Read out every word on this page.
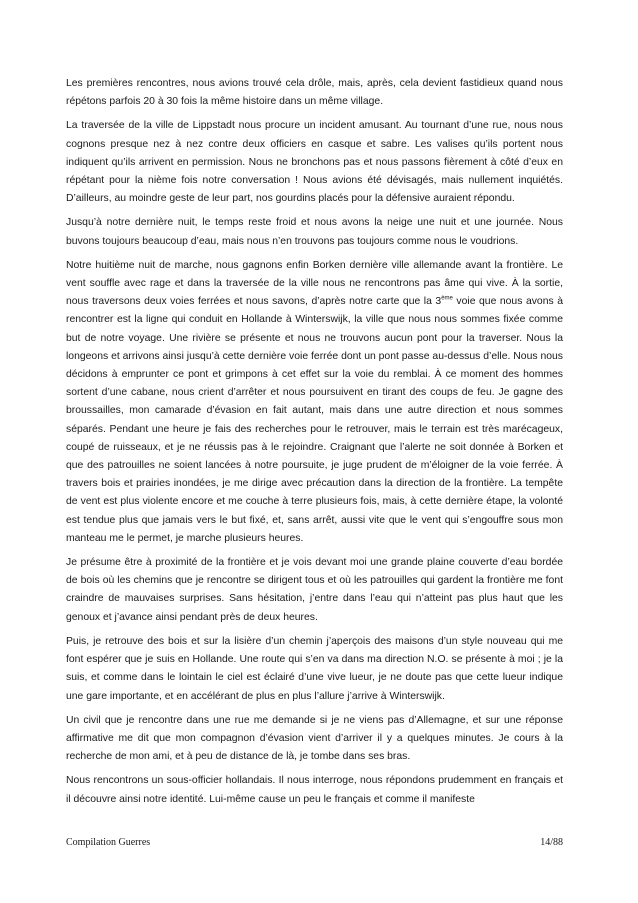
Les premières rencontres, nous avions trouvé cela drôle, mais, après, cela devient fastidieux quand nous répétons parfois 20 à 30 fois la même histoire dans un même village.

La traversée de la ville de Lippstadt nous procure un incident amusant. Au tournant d’une rue, nous nous cognons presque nez à nez contre deux officiers en casque et sabre. Les valises qu’ils portent nous indiquent qu’ils arrivent en permission. Nous ne bronchons pas et nous passons fièrement à côté d’eux en répétant pour la nième fois notre conversation ! Nous avions été dévisagés, mais nullement inquiétés. D’ailleurs, au moindre geste de leur part, nos gourdins placés pour la défensive auraient répondu.

Jusqu’à notre dernière nuit, le temps reste froid et nous avons la neige une nuit et une journée. Nous buvons toujours beaucoup d’eau, mais nous n’en trouvons pas toujours comme nous le voudrions.

Notre huitième nuit de marche, nous gagnons enfin Borken dernière ville allemande avant la frontière. Le vent souffle avec rage et dans la traversée de la ville nous ne rencontrons pas âme qui vive. À la sortie, nous traversons deux voies ferrées et nous savons, d’après notre carte que la 3ème voie que nous avons à rencontrer est la ligne qui conduit en Hollande à Winterswijk, la ville que nous nous sommes fixée comme but de notre voyage. Une rivière se présente et nous ne trouvons aucun pont pour la traverser. Nous la longeons et arrivons ainsi jusqu’à cette dernière voie ferrée dont un pont passe au-dessus d’elle. Nous nous décidons à emprunter ce pont et grimpons à cet effet sur la voie du remblai. À ce moment des hommes sortent d’une cabane, nous crient d’arrêter et nous poursuivent en tirant des coups de feu. Je gagne des broussailles, mon camarade d’évasion en fait autant, mais dans une autre direction et nous sommes séparés. Pendant une heure je fais des recherches pour le retrouver, mais le terrain est très marécageux, coupé de ruisseaux, et je ne réussis pas à le rejoindre. Craignant que l’alerte ne soit donnée à Borken et que des patrouilles ne soient lancées à notre poursuite, je juge prudent de m’éloigner de la voie ferrée. À travers bois et prairies inondées, je me dirige avec précaution dans la direction de la frontière. La tempête de vent est plus violente encore et me couche à terre plusieurs fois, mais, à cette dernière étape, la volonté est tendue plus que jamais vers le but fixé, et, sans arrêt, aussi vite que le vent qui s’engouffre sous mon manteau me le permet, je marche plusieurs heures.

Je présume être à proximité de la frontière et je vois devant moi une grande plaine couverte d’eau bordée de bois où les chemins que je rencontre se dirigent tous et où les patrouilles qui gardent la frontière me font craindre de mauvaises surprises. Sans hésitation, j’entre dans l’eau qui n’atteint pas plus haut que les genoux et j’avance ainsi pendant près de deux heures.

Puis, je retrouve des bois et sur la lisière d’un chemin j’aperçois des maisons d’un style nouveau qui me font espérer que je suis en Hollande. Une route qui s’en va dans ma direction N.O. se présente à moi ; je la suis, et comme dans le lointain le ciel est éclairé d’une vive lueur, je ne doute pas que cette lueur indique une gare importante, et en accélérant de plus en plus l’allure j’arrive à Winterswijk.

Un civil que je rencontre dans une rue me demande si je ne viens pas d’Allemagne, et sur une réponse affirmative me dit que mon compagnon d’évasion vient d’arriver il y a quelques minutes. Je cours à la recherche de mon ami, et à peu de distance de là, je tombe dans ses bras.

Nous rencontrons un sous-officier hollandais. Il nous interroge, nous répondons prudemment en français et il découvre ainsi notre identité. Lui-même cause un peu le français et comme il manifeste

Compilation Guerres	14/88
